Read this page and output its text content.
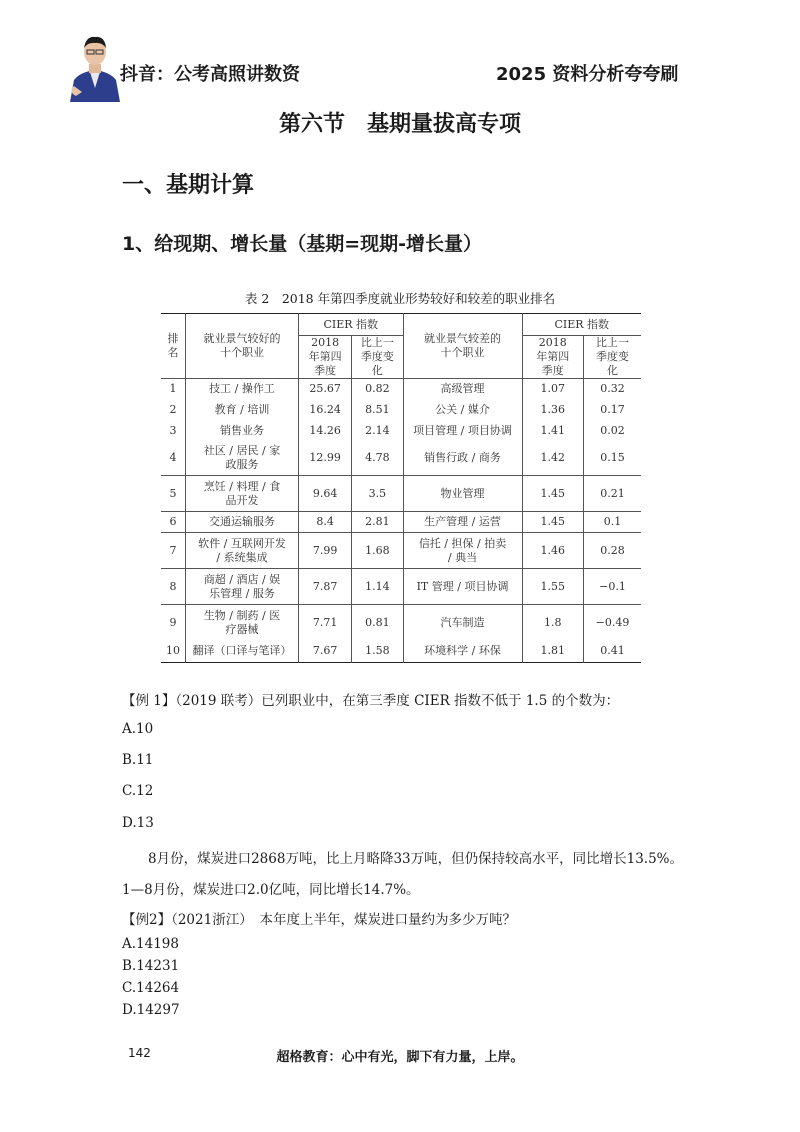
抖音：公考高照讲数资	2025 资料分析夸夸刷
第六节　基期量拔高专项
一、基期计算
1、给现期、增长量（基期=现期-增长量）
表 2　2018 年第四季度就业形势较好和较差的职业排名
排名	就业景气较好的十个职业	CIER 指数		就业景气较差的十个职业	CIER 指数	
		2018 年第四季度	比上一季度变化		2018 年第四季度	比上一季度变化
1	技工 / 操作工	25.67	0.82	高级管理	1.07	0.32
2	教育 / 培训	16.24	8.51	公关 / 媒介	1.36	0.17
3	销售业务	14.26	2.14	项目管理 / 项目协调	1.41	0.02
4	社区 / 居民 / 家政服务	12.99	4.78	销售行政 / 商务	1.42	0.15
5	烹饪 / 料理 / 食品开发	9.64	3.5	物业管理	1.45	0.21
6	交通运输服务	8.4	2.81	生产管理 / 运营	1.45	0.1
7	软件 / 互联网开发 / 系统集成	7.99	1.68	信托 / 担保 / 拍卖 / 典当	1.46	0.28
8	商超 / 酒店 / 娱乐管理 / 服务	7.87	1.14	IT 管理 / 项目协调	1.55	−0.1
9	生物 / 制药 / 医疗器械	7.71	0.81	汽车制造	1.8	−0.49
10	翻译（口译与笔译）	7.67	1.58	环境科学 / 环保	1.81	0.41
【例 1】（2019 联考）已列职业中，在第三季度 CIER 指数不低于 1.5 的个数为：
A.10
B.11
C.12
D.13
8月份，煤炭进口2868万吨，比上月略降33万吨，但仍保持较高水平，同比增长13.5%。
1—8月份，煤炭进口2.0亿吨，同比增长14.7%。
【例2】（2021浙江）　本年度上半年，煤炭进口量约为多少万吨？
A.14198
B.14231
C.14264
D.14297
142	超格教育：心中有光，脚下有力量，上岸。
